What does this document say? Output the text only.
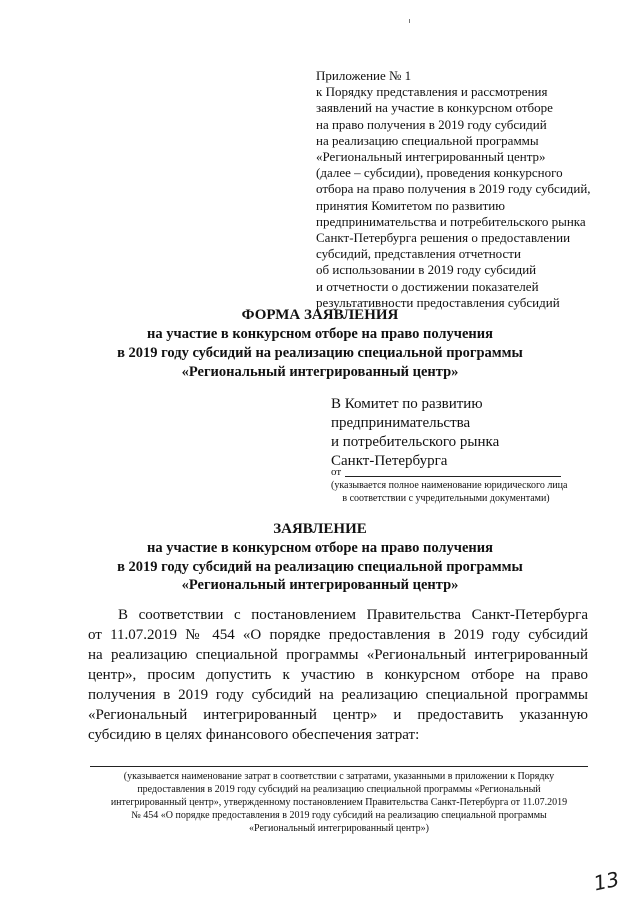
Приложение № 1
к Порядку представления и рассмотрения
заявлений на участие в конкурсном отборе
на право получения в 2019 году субсидий
на реализацию специальной программы
«Региональный интегрированный центр»
(далее – субсидии), проведения конкурсного
отбора на право получения в 2019 году субсидий,
принятия Комитетом по развитию
предпринимательства и потребительского рынка
Санкт-Петербурга решения о предоставлении
субсидий, представления отчетности
об использовании в 2019 году субсидий
и отчетности о достижении показателей
результативности предоставления субсидий
ФОРМА ЗАЯВЛЕНИЯ
на участие в конкурсном отборе на право получения
в 2019 году субсидий на реализацию специальной программы
«Региональный интегрированный центр»
В Комитет по развитию
предпринимательства
и потребительского рынка
Санкт-Петербурга
от
(указывается полное наименование юридического лица
в соответствии с учредительными документами)
ЗАЯВЛЕНИЕ
на участие в конкурсном отборе на право получения
в 2019 году субсидий на реализацию специальной программы
«Региональный интегрированный центр»
В соответствии с постановлением Правительства Санкт-Петербурга
от 11.07.2019 № 454 «О порядке предоставления в 2019 году субсидий
на реализацию специальной программы «Региональный интегрированный
центр», просим допустить к участию в конкурсном отборе на право
получения в 2019 году субсидий на реализацию специальной программы
«Региональный интегрированный центр» и предоставить указанную
субсидию в целях финансового обеспечения затрат:
(указывается наименование затрат в соответствии с затратами, указанными в приложении к Порядку
предоставления в 2019 году субсидий на реализацию специальной программы «Региональный
интегрированный центр», утвержденному постановлением Правительства Санкт-Петербурга от 11.07.2019
№ 454 «О порядке предоставления в 2019 году субсидий на реализацию специальной программы
«Региональный интегрированный центр»)
13
